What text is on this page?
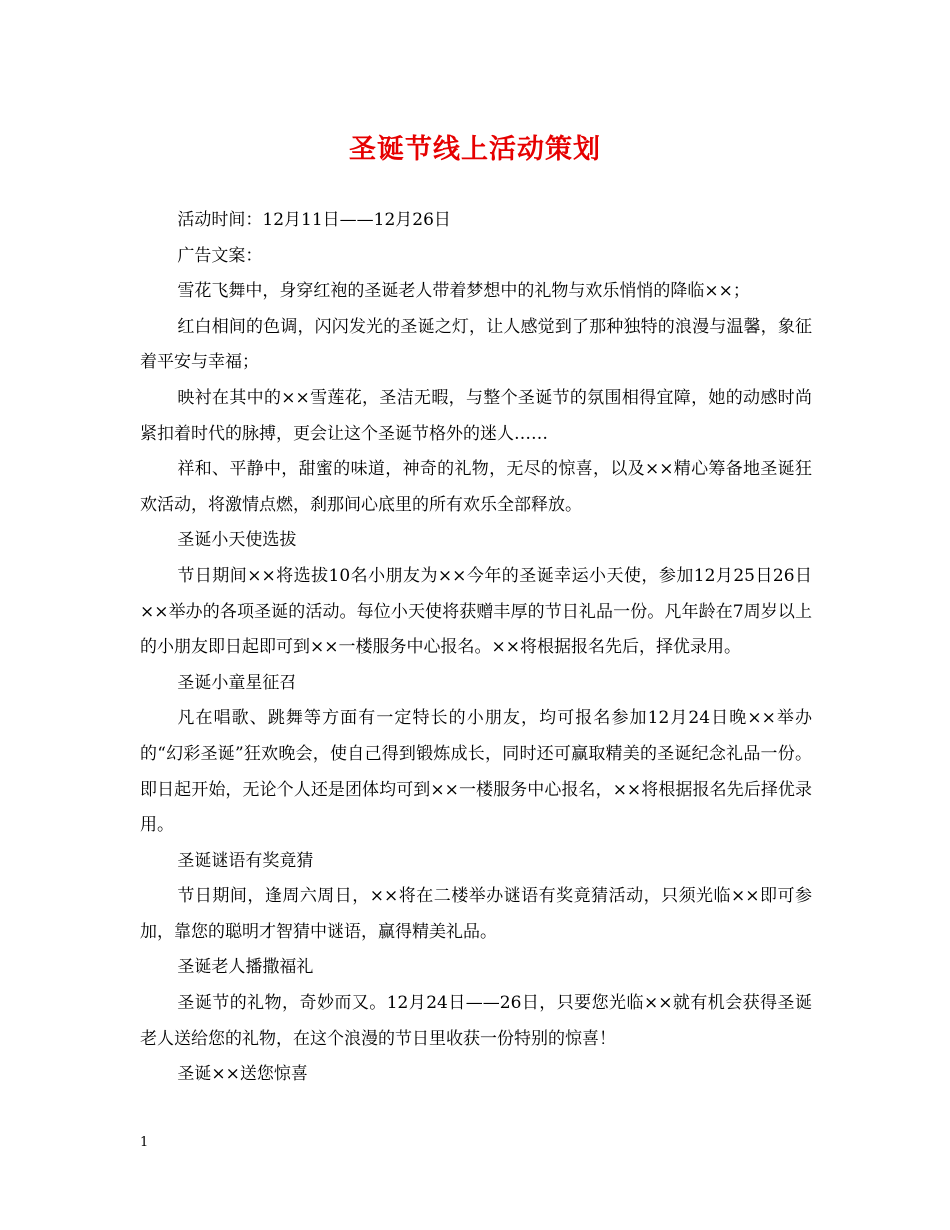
圣诞节线上活动策划

活动时间：12月11日——12月26日

广告文案：

雪花飞舞中，身穿红袍的圣诞老人带着梦想中的礼物与欢乐悄悄的降临××；

红白相间的色调，闪闪发光的圣诞之灯，让人感觉到了那种独特的浪漫与温馨，象征着平安与幸福；

映衬在其中的××雪莲花，圣洁无暇，与整个圣诞节的氛围相得宜障，她的动感时尚紧扣着时代的脉搏，更会让这个圣诞节格外的迷人……

祥和、平静中，甜蜜的味道，神奇的礼物，无尽的惊喜，以及××精心筹备地圣诞狂欢活动，将激情点燃，刹那间心底里的所有欢乐全部释放。

圣诞小天使选拔

节日期间××将选拔10名小朋友为××今年的圣诞幸运小天使，参加12月25日26日××举办的各项圣诞的活动。每位小天使将获赠丰厚的节日礼品一份。凡年龄在7周岁以上的小朋友即日起即可到××一楼服务中心报名。××将根据报名先后，择优录用。

圣诞小童星征召

凡在唱歌、跳舞等方面有一定特长的小朋友，均可报名参加12月24日晚××举办的“幻彩圣诞”狂欢晚会，使自己得到锻炼成长，同时还可赢取精美的圣诞纪念礼品一份。即日起开始，无论个人还是团体均可到××一楼服务中心报名，××将根据报名先后择优录用。

圣诞谜语有奖竟猜

节日期间，逢周六周日，××将在二楼举办谜语有奖竟猜活动，只须光临××即可参加，靠您的聪明才智猜中谜语，赢得精美礼品。

圣诞老人播撒福礼

圣诞节的礼物，奇妙而又。12月24日——26日，只要您光临××就有机会获得圣诞老人送给您的礼物，在这个浪漫的节日里收获一份特别的惊喜！

圣诞××送您惊喜

1
